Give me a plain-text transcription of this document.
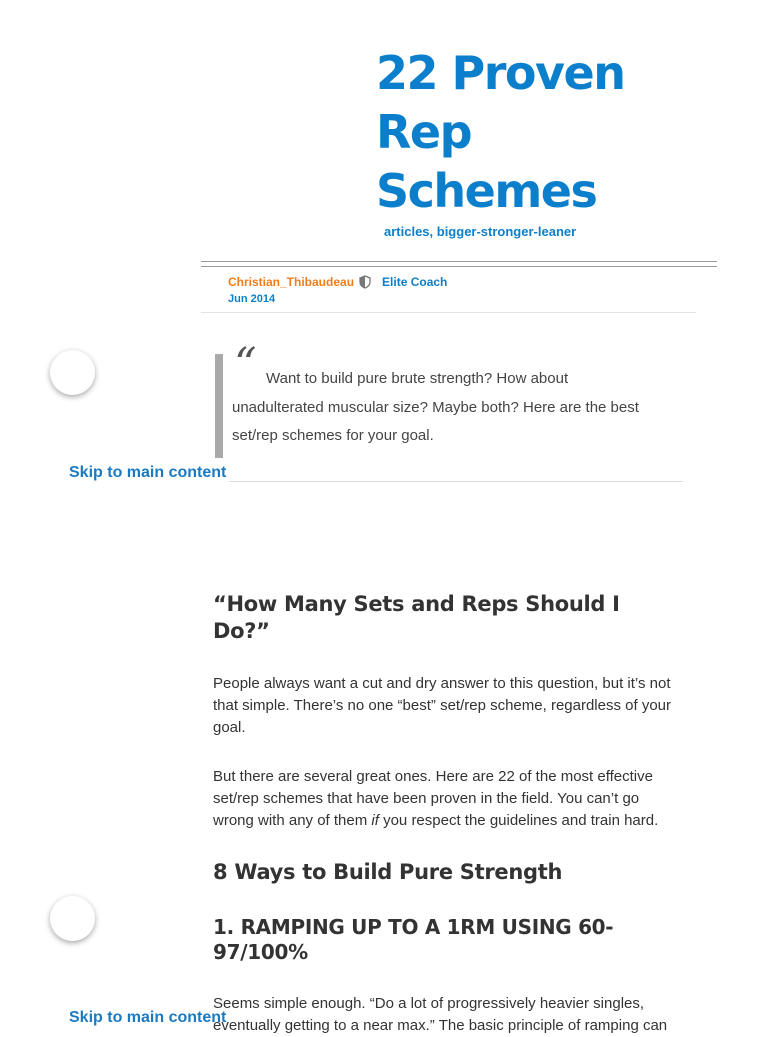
22 Proven Rep Schemes
articles, bigger-stronger-leaner
Christian_Thibaudeau Elite Coach
Jun 2014
“ Want to build pure brute strength? How about unadulterated muscular size? Maybe both? Here are the best set/rep schemes for your goal.

Skip to main content
“How Many Sets and Reps Should I Do?”

People always want a cut and dry answer to this question, but it’s not that simple. There’s no one “best” set/rep scheme, regardless of your goal.

But there are several great ones. Here are 22 of the most effective set/rep schemes that have been proven in the field. You can’t go wrong with any of them if you respect the guidelines and train hard.

8 Ways to Build Pure Strength
1. RAMPING UP TO A 1RM USING 60-97/100%

Seems simple enough. “Do a lot of progressively heavier singles, eventually getting to a near max.” The basic principle of ramping can

Skip to main content
